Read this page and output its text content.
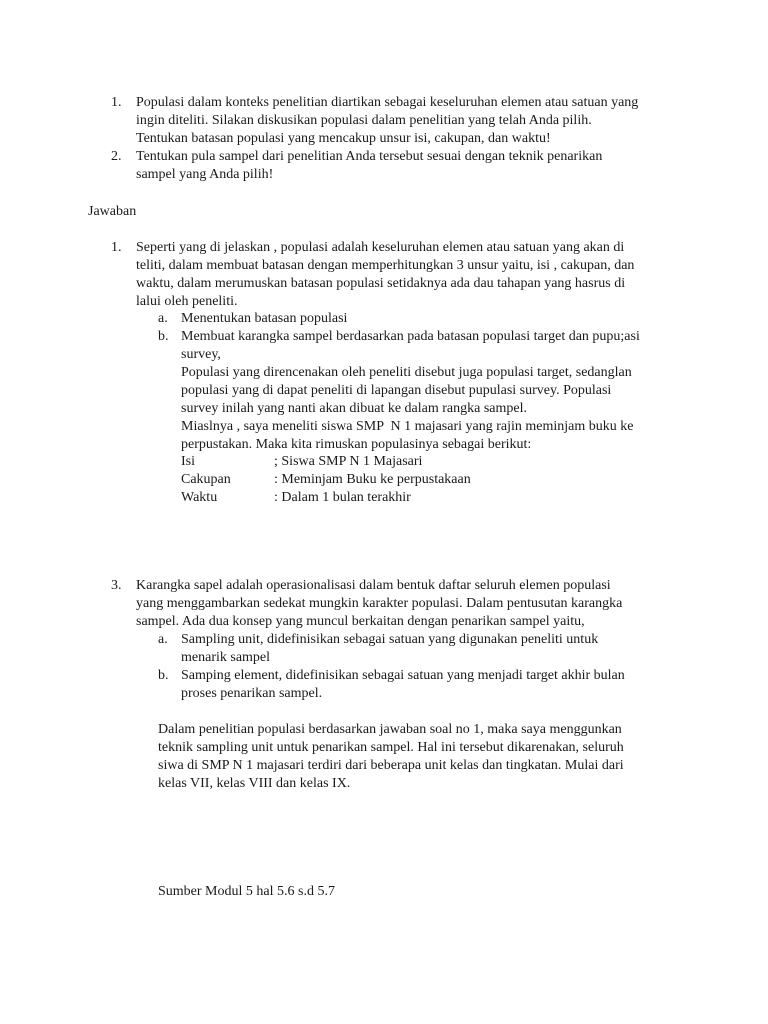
1.	Populasi dalam konteks penelitian diartikan sebagai keseluruhan elemen atau satuan yang
ingin diteliti. Silakan diskusikan populasi dalam penelitian yang telah Anda pilih.
Tentukan batasan populasi yang mencakup unsur isi, cakupan, dan waktu!
2.	Tentukan pula sampel dari penelitian Anda tersebut sesuai dengan teknik penarikan
sampel yang Anda pilih!
Jawaban
1.	Seperti yang di jelaskan , populasi adalah keseluruhan elemen atau satuan yang akan di
teliti, dalam membuat batasan dengan memperhitungkan 3 unsur yaitu, isi , cakupan, dan
waktu, dalam merumuskan batasan populasi setidaknya ada dau tahapan yang hasrus di
lalui oleh peneliti.
a. Menentukan batasan populasi
b. Membuat karangka sampel berdasarkan pada batasan populasi target dan pupu;asi
survey,
Populasi yang direncenakan oleh peneliti disebut juga populasi target, sedanglan
populasi yang di dapat peneliti di lapangan disebut pupulasi survey. Populasi
survey inilah yang nanti akan dibuat ke dalam rangka sampel.
Miaslnya , saya meneliti siswa SMP  N 1 majasari yang rajin meminjam buku ke
perpustakan. Maka kita rimuskan populasinya sebagai berikut:
Isi	; Siswa SMP N 1 Majasari
Cakupan	: Meminjam Buku ke perpustakaan
Waktu	: Dalam 1 bulan terakhir
3.	Karangka sapel adalah operasionalisasi dalam bentuk daftar seluruh elemen populasi
yang menggambarkan sedekat mungkin karakter populasi. Dalam pentusutan karangka
sampel. Ada dua konsep yang muncul berkaitan dengan penarikan sampel yaitu,
a. Sampling unit, didefinisikan sebagai satuan yang digunakan peneliti untuk
menarik sampel
b. Samping element, didefinisikan sebagai satuan yang menjadi target akhir bulan
proses penarikan sampel.
Dalam penelitian populasi berdasarkan jawaban soal no 1, maka saya menggunkan
teknik sampling unit untuk penarikan sampel. Hal ini tersebut dikarenakan, seluruh
siwa di SMP N 1 majasari terdiri dari beberapa unit kelas dan tingkatan. Mulai dari
kelas VII, kelas VIII dan kelas IX.
Sumber Modul 5 hal 5.6 s.d 5.7
